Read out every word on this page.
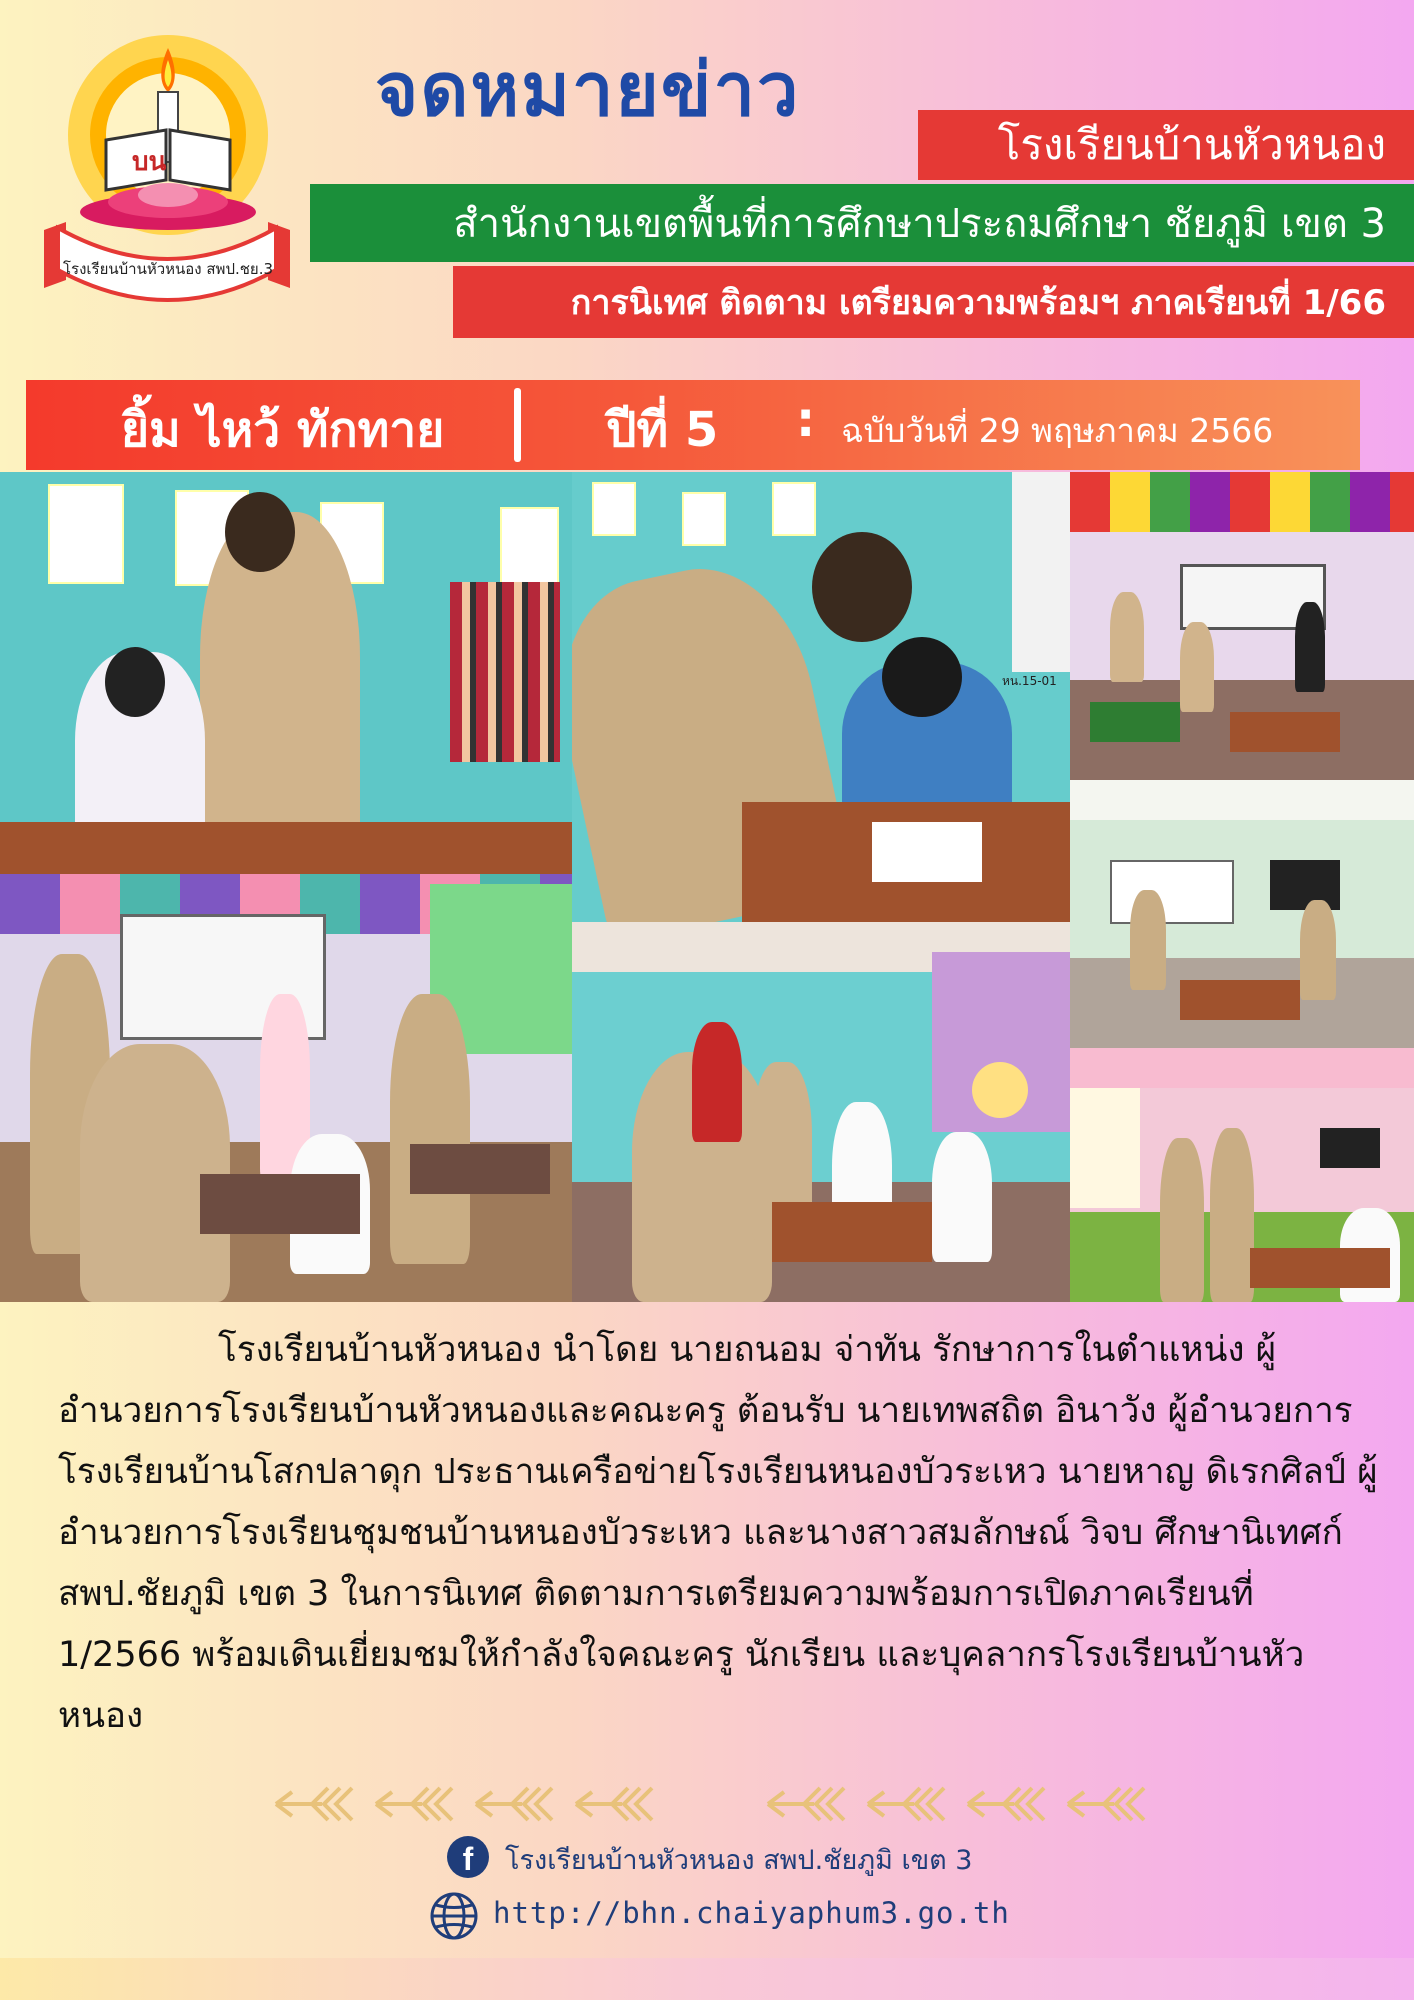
บน
โรงเรียนบ้านหัวหนอง สพป.ชย.3
จดหมายข่าว
โรงเรียนบ้านหัวหนอง
สำนักงานเขตพื้นที่การศึกษาประถมศึกษา ชัยภูมิ เขต 3
การนิเทศ ติดตาม เตรียมความพร้อมฯ ภาคเรียนที่ 1/66
ยิ้ม ไหว้ ทักทาย	ปีที่ 5 : ฉบับวันที่ 29 พฤษภาคม 2566
หน.15-01
โรงเรียนบ้านหัวหนอง นำโดย นายถนอม จ่าทัน รักษาการในตำแหน่ง ผู้อำนวยการโรงเรียนบ้านหัวหนองและคณะครู ต้อนรับ นายเทพสถิต อินาวัง ผู้อำนวยการโรงเรียนบ้านโสกปลาดุก ประธานเครือข่ายโรงเรียนหนองบัวระเหว นายหาญ ดิเรกศิลป์ ผู้อำนวยการโรงเรียนชุมชนบ้านหนองบัวระเหว และนางสาวสมลักษณ์ วิจบ ศึกษานิเทศก์ สพป.ชัยภูมิ เขต 3 ในการนิเทศ ติดตามการเตรียมความพร้อมการเปิดภาคเรียนที่ 1/2566 พร้อมเดินเยี่ยมชมให้กำลังใจคณะครู นักเรียน และบุคลากรโรงเรียนบ้านหัวหนอง
f	โรงเรียนบ้านหัวหนอง สพป.ชัยภูมิ เขต 3
http://bhn.chaiyaphum3.go.th
